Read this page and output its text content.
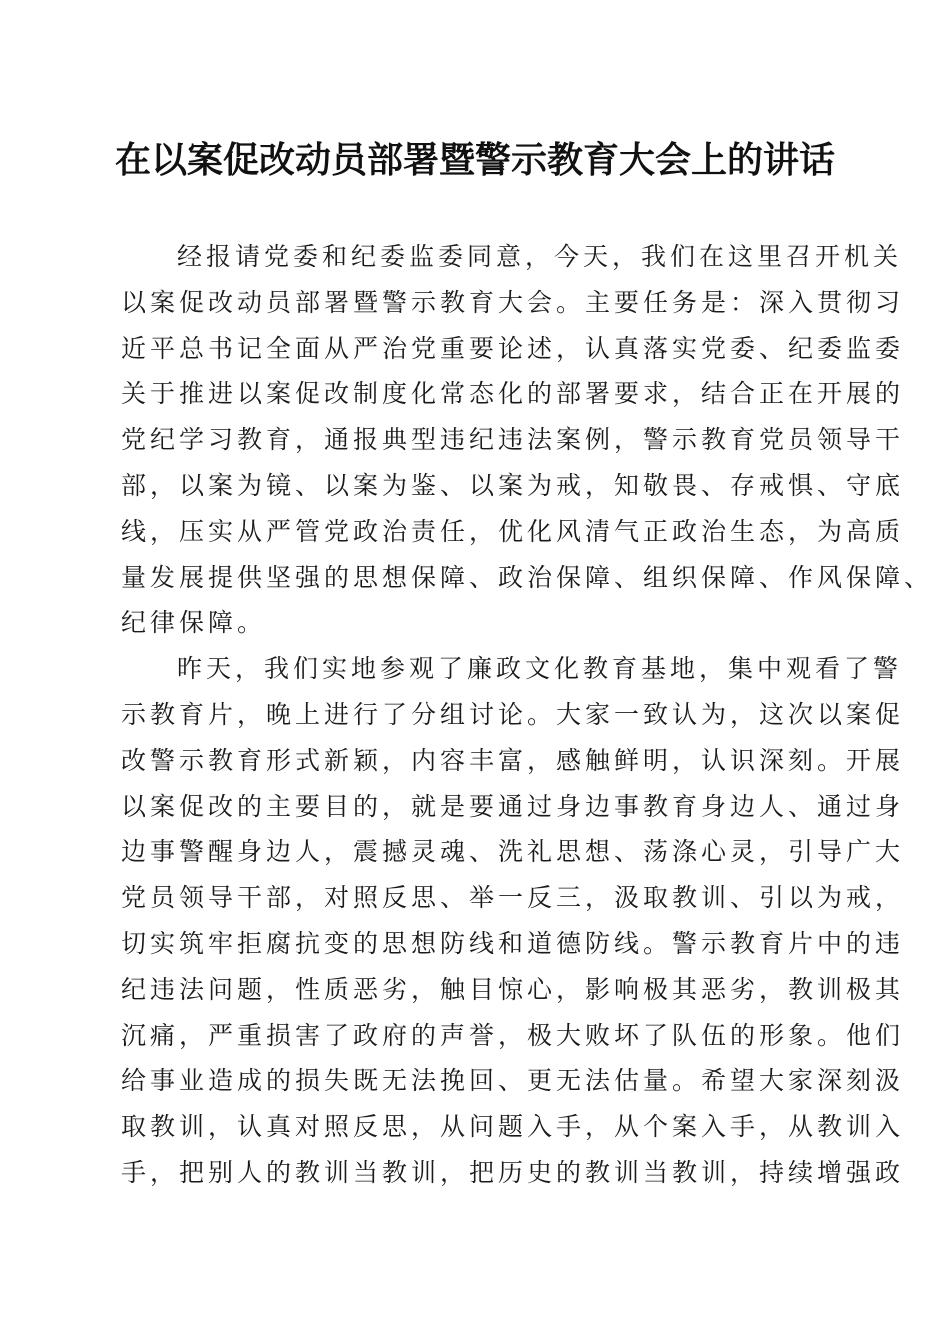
在以案促改动员部署暨警示教育大会上的讲话
经报请党委和纪委监委同意，今天，我们在这里召开机关
以案促改动员部署暨警示教育大会。主要任务是：深入贯彻习
近平总书记全面从严治党重要论述，认真落实党委、纪委监委
关于推进以案促改制度化常态化的部署要求，结合正在开展的
党纪学习教育，通报典型违纪违法案例，警示教育党员领导干
部，以案为镜、以案为鉴、以案为戒，知敬畏、存戒惧、守底
线，压实从严管党政治责任，优化风清气正政治生态，为高质
量发展提供坚强的思想保障、政治保障、组织保障、作风保障、
纪律保障。
昨天，我们实地参观了廉政文化教育基地，集中观看了警
示教育片，晚上进行了分组讨论。大家一致认为，这次以案促
改警示教育形式新颖，内容丰富，感触鲜明，认识深刻。开展
以案促改的主要目的，就是要通过身边事教育身边人、通过身
边事警醒身边人，震撼灵魂、洗礼思想、荡涤心灵，引导广大
党员领导干部，对照反思、举一反三，汲取教训、引以为戒，
切实筑牢拒腐抗变的思想防线和道德防线。警示教育片中的违
纪违法问题，性质恶劣，触目惊心，影响极其恶劣，教训极其
沉痛，严重损害了政府的声誉，极大败坏了队伍的形象。他们
给事业造成的损失既无法挽回、更无法估量。希望大家深刻汲
取教训，认真对照反思，从问题入手，从个案入手，从教训入
手，把别人的教训当教训，把历史的教训当教训，持续增强政
